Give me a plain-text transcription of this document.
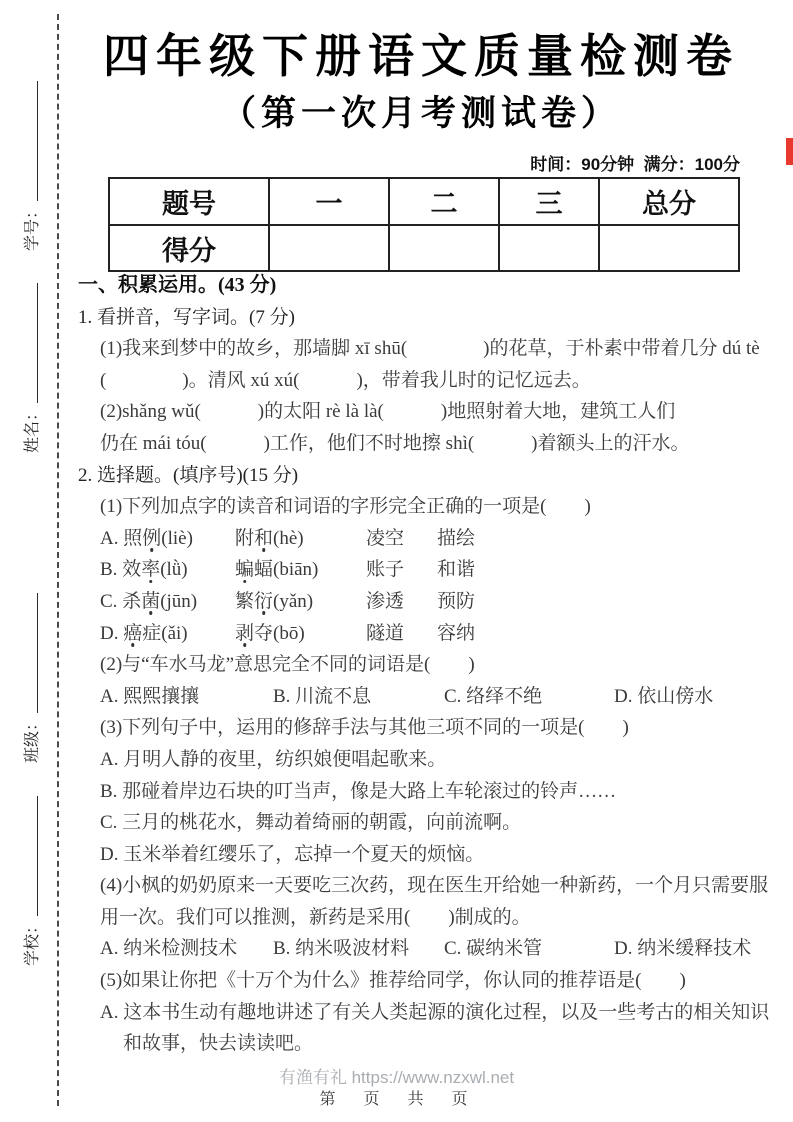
学号：
姓名：
班级：
学校：
四年级下册语文质量检测卷
（第一次月考测试卷）
时间：90分钟  满分：100分
题号	一	二	三	总分
得分				
一、积累运用。(43 分)
1. 看拼音，写字词。(7 分)
(1)我来到梦中的故乡，那墙脚 xī shū(　　　　)的花草，于朴素中带着几分 dú tè
(　　　　)。清风 xú xú(　　　)，带着我儿时的记忆远去。
(2)shǎng wǔ(　　　)的太阳 rè là là(　　　)地照射着大地，建筑工人们
仍在 mái tóu(　　　)工作，他们不时地擦 shì(　　　)着额头上的汗水。
2. 选择题。(填序号)(15 分)
(1)下列加点字的读音和词语的字形完全正确的一项是(　　)
A. 照例(liè)	附和(hè)	凌空	描绘
B. 效率(lǜ)	蝙蝠(biān)	账子	和谐
C. 杀菌(jūn)	繁衍(yǎn)	渗透	预防
D. 癌症(ǎi)	剥夺(bō)	隧道	容纳
(2)与“车水马龙”意思完全不同的词语是(　　)
A. 熙熙攘攘	B. 川流不息	C. 络绎不绝	D. 依山傍水
(3)下列句子中，运用的修辞手法与其他三项不同的一项是(　　)
A. 月明人静的夜里，纺织娘便唱起歌来。
B. 那碰着岸边石块的叮当声，像是大路上车轮滚过的铃声……
C. 三月的桃花水，舞动着绮丽的朝霞，向前流啊。
D. 玉米举着红缨乐了，忘掉一个夏天的烦恼。
(4)小枫的奶奶原来一天要吃三次药，现在医生开给她一种新药，一个月只需要服
用一次。我们可以推测，新药是采用(　　)制成的。
A. 纳米检测技术	B. 纳米吸波材料	C. 碳纳米管	D. 纳米缓释技术
(5)如果让你把《十万个为什么》推荐给同学，你认同的推荐语是(　　)
A. 这本书生动有趣地讲述了有关人类起源的演化过程，以及一些考古的相关知识
和故事，快去读读吧。
有渔有礼 https://www.nzxwl.net
第　页　共　页
